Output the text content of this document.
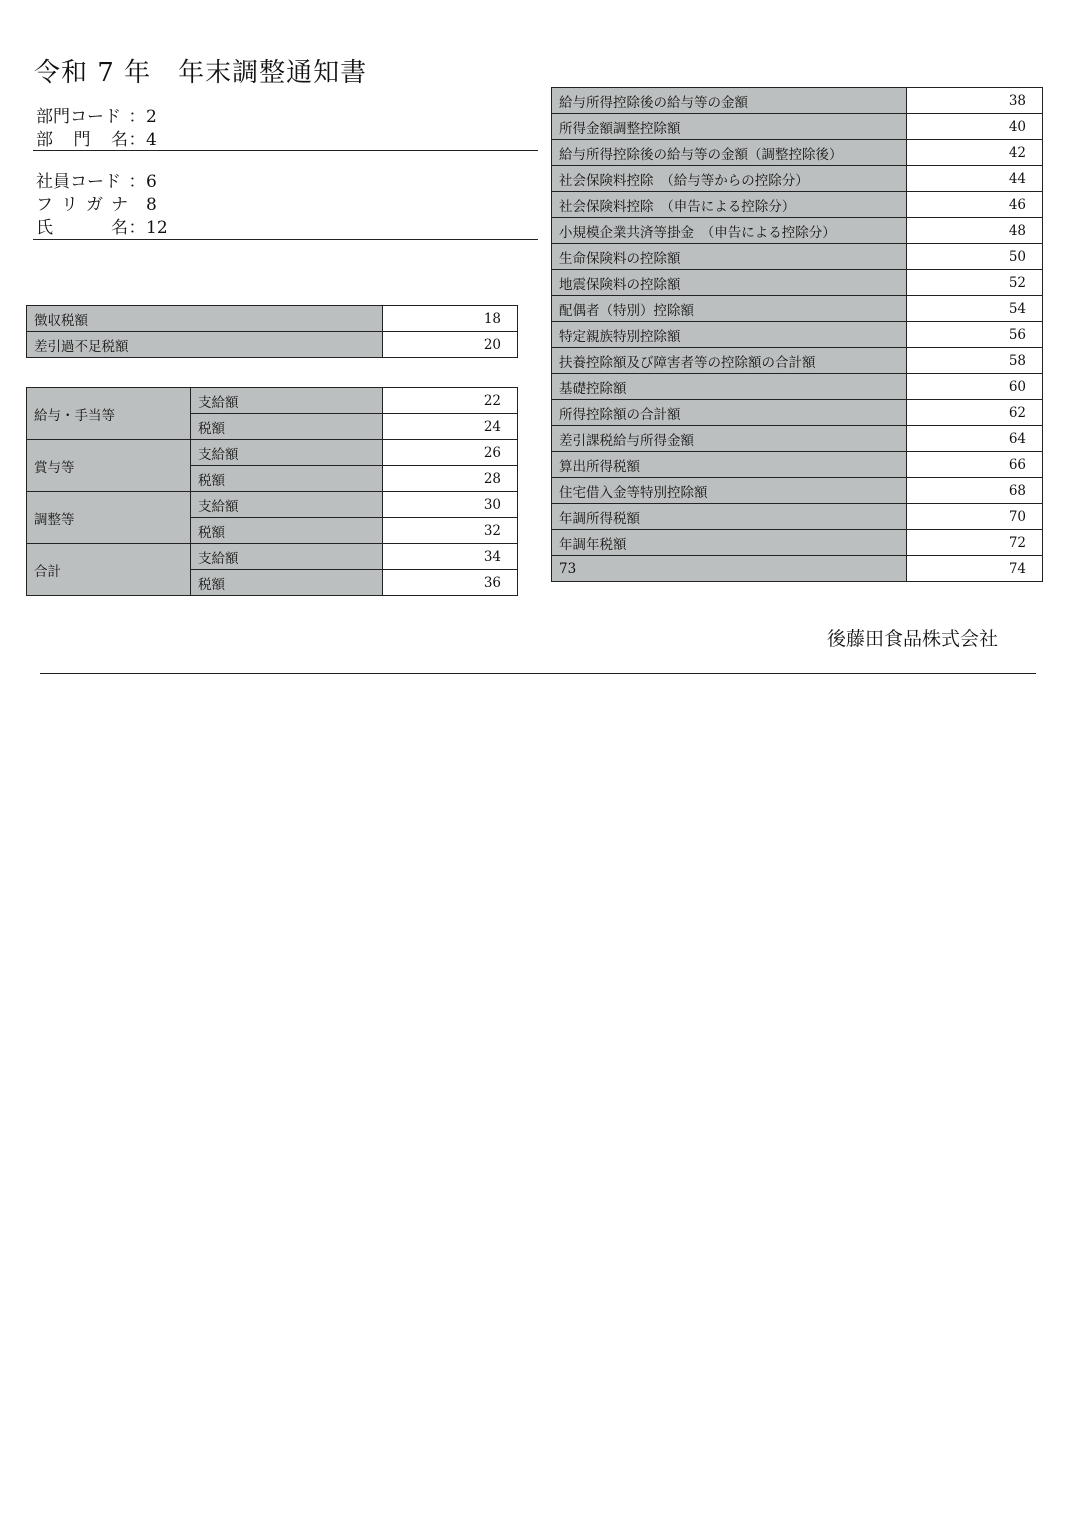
令和 7 年　年末調整通知書
部門コード ： 2
部 門 名 ： 4
社員コード ： 6
フ リ ガ ナ 8
氏	名 ： 12
徴収税額	18
差引過不足税額	20
給与・手当等	支給額	22
	税額	24
賞与等	支給額	26
	税額	28
調整等	支給額	30
	税額	32
合計	支給額	34
	税額	36
給与所得控除後の給与等の金額	38
所得金額調整控除額	40
給与所得控除後の給与等の金額（調整控除後）	42
社会保険料控除　（給与等からの控除分）	44
社会保険料控除　（申告による控除分）	46
小規模企業共済等掛金　（申告による控除分）	48
生命保険料の控除額	50
地震保険料の控除額	52
配偶者（特別）控除額	54
特定親族特別控除額	56
扶養控除額及び障害者等の控除額の合計額	58
基礎控除額	60
所得控除額の合計額	62
差引課税給与所得金額	64
算出所得税額	66
住宅借入金等特別控除額	68
年調所得税額	70
年調年税額	72
73	74
後藤田食品株式会社
